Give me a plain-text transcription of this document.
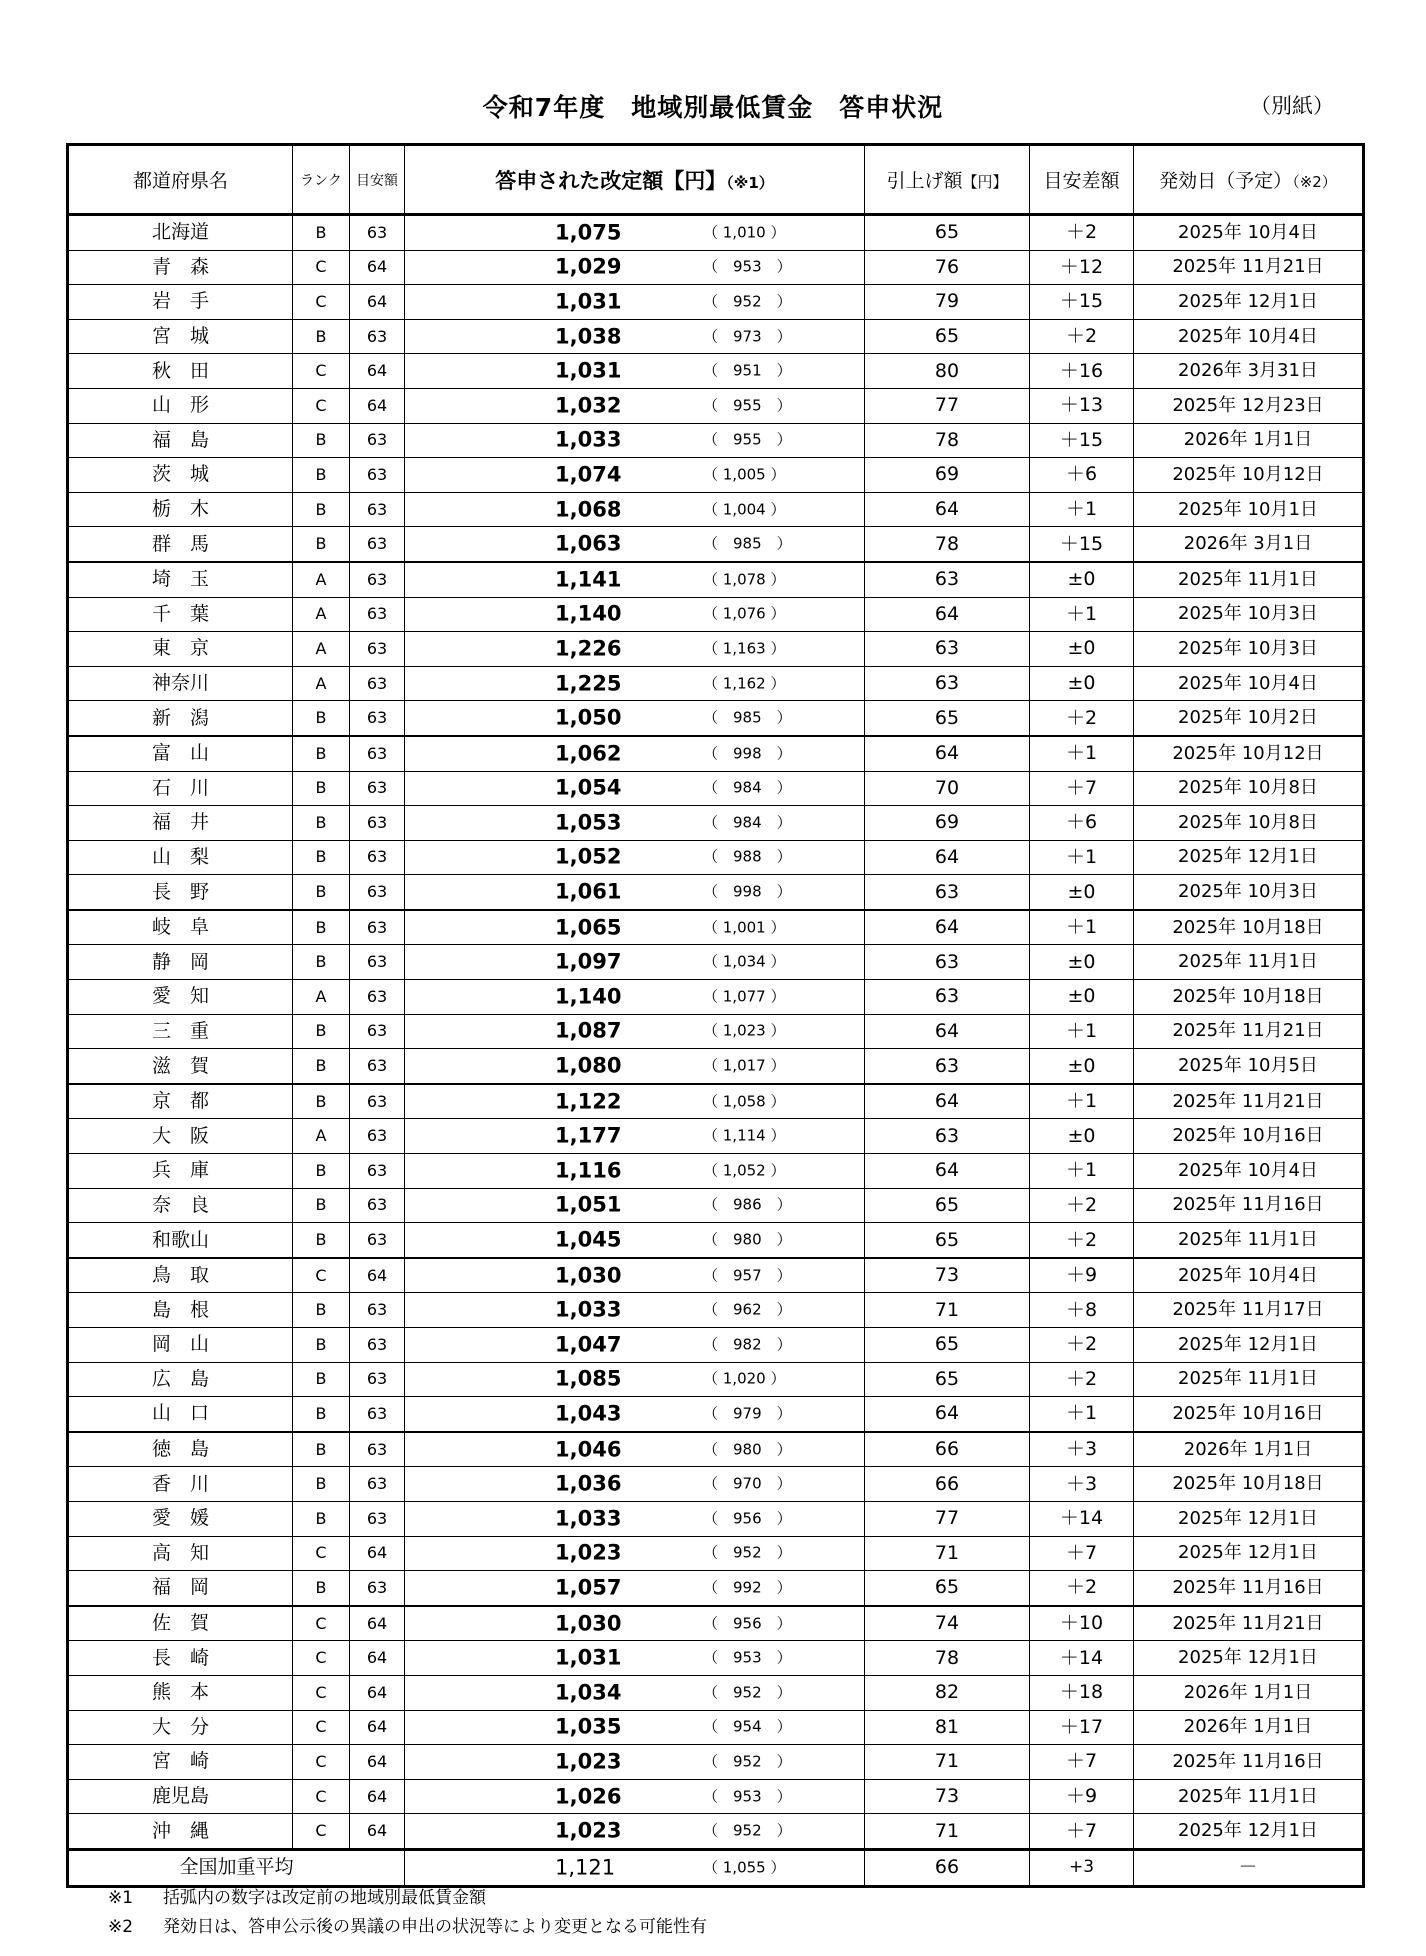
令和7年度　地域別最低賃金　答申状況	（別紙）
都道府県名	ランク	目安額	答申された改定額【円】（※1）	引上げ額【円】	目安差額	発効日（予定）（※2）
北海道	B	63	1,075 （ 1,010 ）	65	＋2	2025年 10月4日
青　森	C	64	1,029 （　953　）	76	＋12	2025年 11月21日
岩　手	C	64	1,031 （　952　）	79	＋15	2025年 12月1日
宮　城	B	63	1,038 （　973　）	65	＋2	2025年 10月4日
秋　田	C	64	1,031 （　951　）	80	＋16	2026年 3月31日
山　形	C	64	1,032 （　955　）	77	＋13	2025年 12月23日
福　島	B	63	1,033 （　955　）	78	＋15	2026年 1月1日
茨　城	B	63	1,074 （ 1,005 ）	69	＋6	2025年 10月12日
栃　木	B	63	1,068 （ 1,004 ）	64	＋1	2025年 10月1日
群　馬	B	63	1,063 （　985　）	78	＋15	2026年 3月1日
埼　玉	A	63	1,141 （ 1,078 ）	63	±0	2025年 11月1日
千　葉	A	63	1,140 （ 1,076 ）	64	＋1	2025年 10月3日
東　京	A	63	1,226 （ 1,163 ）	63	±0	2025年 10月3日
神奈川	A	63	1,225 （ 1,162 ）	63	±0	2025年 10月4日
新　潟	B	63	1,050 （　985　）	65	＋2	2025年 10月2日
富　山	B	63	1,062 （　998　）	64	＋1	2025年 10月12日
石　川	B	63	1,054 （　984　）	70	＋7	2025年 10月8日
福　井	B	63	1,053 （　984　）	69	＋6	2025年 10月8日
山　梨	B	63	1,052 （　988　）	64	＋1	2025年 12月1日
長　野	B	63	1,061 （　998　）	63	±0	2025年 10月3日
岐　阜	B	63	1,065 （ 1,001 ）	64	＋1	2025年 10月18日
静　岡	B	63	1,097 （ 1,034 ）	63	±0	2025年 11月1日
愛　知	A	63	1,140 （ 1,077 ）	63	±0	2025年 10月18日
三　重	B	63	1,087 （ 1,023 ）	64	＋1	2025年 11月21日
滋　賀	B	63	1,080 （ 1,017 ）	63	±0	2025年 10月5日
京　都	B	63	1,122 （ 1,058 ）	64	＋1	2025年 11月21日
大　阪	A	63	1,177 （ 1,114 ）	63	±0	2025年 10月16日
兵　庫	B	63	1,116 （ 1,052 ）	64	＋1	2025年 10月4日
奈　良	B	63	1,051 （　986　）	65	＋2	2025年 11月16日
和歌山	B	63	1,045 （　980　）	65	＋2	2025年 11月1日
鳥　取	C	64	1,030 （　957　）	73	＋9	2025年 10月4日
島　根	B	63	1,033 （　962　）	71	＋8	2025年 11月17日
岡　山	B	63	1,047 （　982　）	65	＋2	2025年 12月1日
広　島	B	63	1,085 （ 1,020 ）	65	＋2	2025年 11月1日
山　口	B	63	1,043 （　979　）	64	＋1	2025年 10月16日
徳　島	B	63	1,046 （　980　）	66	＋3	2026年 1月1日
香　川	B	63	1,036 （　970　）	66	＋3	2025年 10月18日
愛　媛	B	63	1,033 （　956　）	77	＋14	2025年 12月1日
高　知	C	64	1,023 （　952　）	71	＋7	2025年 12月1日
福　岡	B	63	1,057 （　992　）	65	＋2	2025年 11月16日
佐　賀	C	64	1,030 （　956　）	74	＋10	2025年 11月21日
長　崎	C	64	1,031 （　953　）	78	＋14	2025年 12月1日
熊　本	C	64	1,034 （　952　）	82	＋18	2026年 1月1日
大　分	C	64	1,035 （　954　）	81	＋17	2026年 1月1日
宮　崎	C	64	1,023 （　952　）	71	＋7	2025年 11月16日
鹿児島	C	64	1,026 （　953　）	73	＋9	2025年 11月1日
沖　縄	C	64	1,023 （　952　）	71	＋7	2025年 12月1日
全国加重平均			1,121 （ 1,055 ）	66	+3	－
※1 括弧内の数字は改定前の地域別最低賃金額
※2 発効日は、答申公示後の異議の申出の状況等により変更となる可能性有
